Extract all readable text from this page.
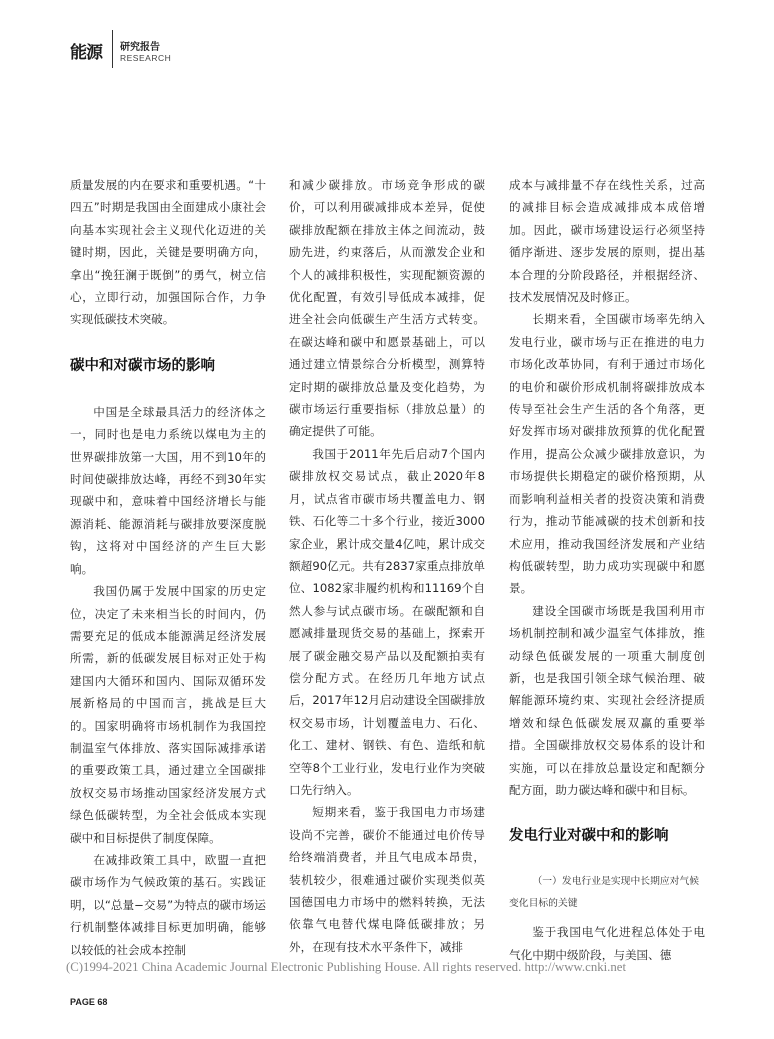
能源 研究报告
RESEARCH

质量发展的内在要求和重要机遇。“十四五”时期是我国由全面建成小康社会向基本实现社会主义现代化迈进的关键时期，因此，关键是要明确方向，拿出“挽狂澜于既倒”的勇气，树立信心，立即行动，加强国际合作，力争实现低碳技术突破。

碳中和对碳市场的影响

中国是全球最具活力的经济体之一，同时也是电力系统以煤电为主的世界碳排放第一大国，用不到10年的时间使碳排放达峰，再经不到30年实现碳中和，意味着中国经济增长与能源消耗、能源消耗与碳排放要深度脱钩，这将对中国经济的产生巨大影响。

我国仍属于发展中国家的历史定位，决定了未来相当长的时间内，仍需要充足的低成本能源满足经济发展所需，新的低碳发展目标对正处于构建国内大循环和国内、国际双循环发展新格局的中国而言，挑战是巨大的。国家明确将市场机制作为我国控制温室气体排放、落实国际减排承诺的重要政策工具，通过建立全国碳排放权交易市场推动国家经济发展方式绿色低碳转型，为全社会低成本实现碳中和目标提供了制度保障。

在减排政策工具中，欧盟一直把碳市场作为气候政策的基石。实践证明，以“总量−交易”为特点的碳市场运行机制整体减排目标更加明确，能够以较低的社会成本控制

和减少碳排放。市场竞争形成的碳价，可以利用碳减排成本差异，促使碳排放配额在排放主体之间流动，鼓励先进，约束落后，从而激发企业和个人的减排积极性，实现配额资源的优化配置，有效引导低成本减排，促进全社会向低碳生产生活方式转变。在碳达峰和碳中和愿景基础上，可以通过建立情景综合分析模型，测算特定时期的碳排放总量及变化趋势，为碳市场运行重要指标（排放总量）的确定提供了可能。

我国于2011年先后启动7个国内碳排放权交易试点，截止2020年8月，试点省市碳市场共覆盖电力、钢铁、石化等二十多个行业，接近3000家企业，累计成交量4亿吨，累计成交额超90亿元。共有2837家重点排放单位、1082家非履约机构和11169个自然人参与试点碳市场。在碳配额和自愿减排量现货交易的基础上，探索开展了碳金融交易产品以及配额拍卖有偿分配方式。在经历几年地方试点后，2017年12月启动建设全国碳排放权交易市场，计划覆盖电力、石化、化工、建材、钢铁、有色、造纸和航空等8个工业行业，发电行业作为突破口先行纳入。

短期来看，鉴于我国电力市场建设尚不完善，碳价不能通过电价传导给终端消费者，并且气电成本昂贵，装机较少，很难通过碳价实现类似英国德国电力市场中的燃料转换，无法依靠气电替代煤电降低碳排放；另外，在现有技术水平条件下，减排

成本与减排量不存在线性关系，过高的减排目标会造成减排成本成倍增加。因此，碳市场建设运行必须坚持循序渐进、逐步发展的原则，提出基本合理的分阶段路径，并根据经济、技术发展情况及时修正。

长期来看，全国碳市场率先纳入发电行业，碳市场与正在推进的电力市场化改革协同，有利于通过市场化的电价和碳价形成机制将碳排放成本传导至社会生产生活的各个角落，更好发挥市场对碳排放预算的优化配置作用，提高公众减少碳排放意识，为市场提供长期稳定的碳价格预期，从而影响利益相关者的投资决策和消费行为，推动节能减碳的技术创新和技术应用，推动我国经济发展和产业结构低碳转型，助力成功实现碳中和愿景。

建设全国碳市场既是我国利用市场机制控制和减少温室气体排放，推动绿色低碳发展的一项重大制度创新，也是我国引领全球气候治理、破解能源环境约束、实现社会经济提质增效和绿色低碳发展双赢的重要举措。全国碳排放权交易体系的设计和实施，可以在排放总量设定和配额分配方面，助力碳达峰和碳中和目标。

发电行业对碳中和的影响
（一）发电行业是实现中长期应对气候变化目标的关键

鉴于我国电气化进程总体处于电气化中期中级阶段，与美国、德

(C)1994-2021 China Academic Journal Electronic Publishing House. All rights reserved. http://www.cnki.net
PAGE 68
